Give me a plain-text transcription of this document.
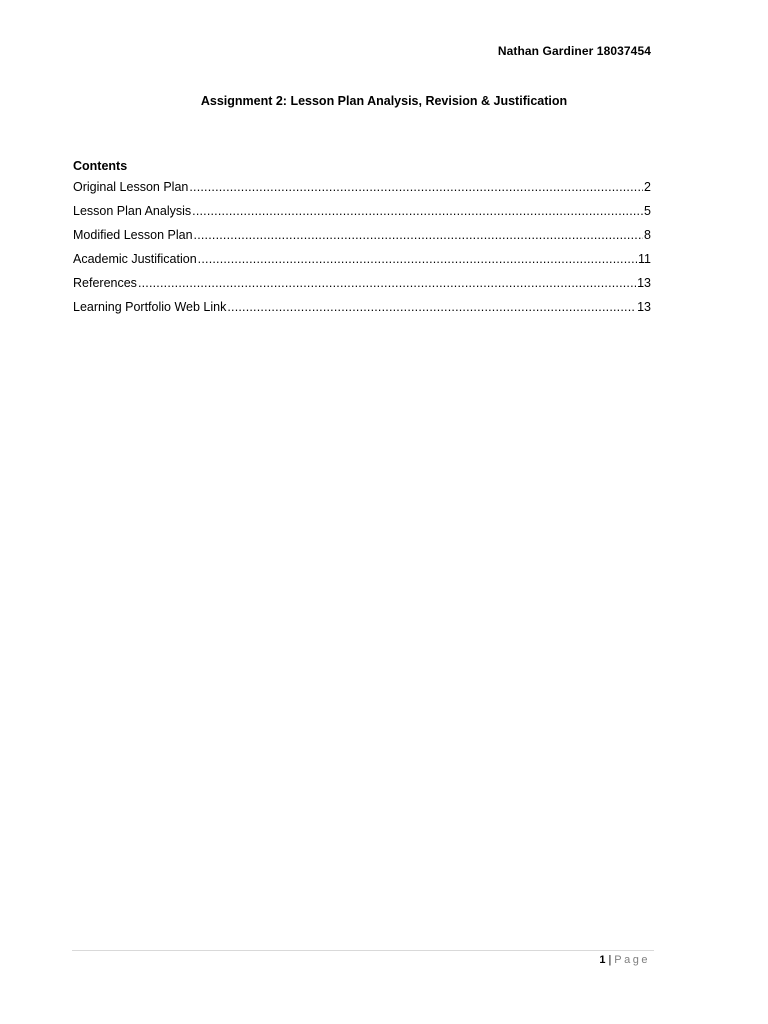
Nathan Gardiner 18037454
Assignment 2: Lesson Plan Analysis, Revision & Justification
Contents
Original Lesson Plan .....	2
Lesson Plan Analysis .....	5
Modified Lesson Plan .....	8
Academic Justification .....	11
References .....	13
Learning Portfolio Web Link .....	13
1 | Page
